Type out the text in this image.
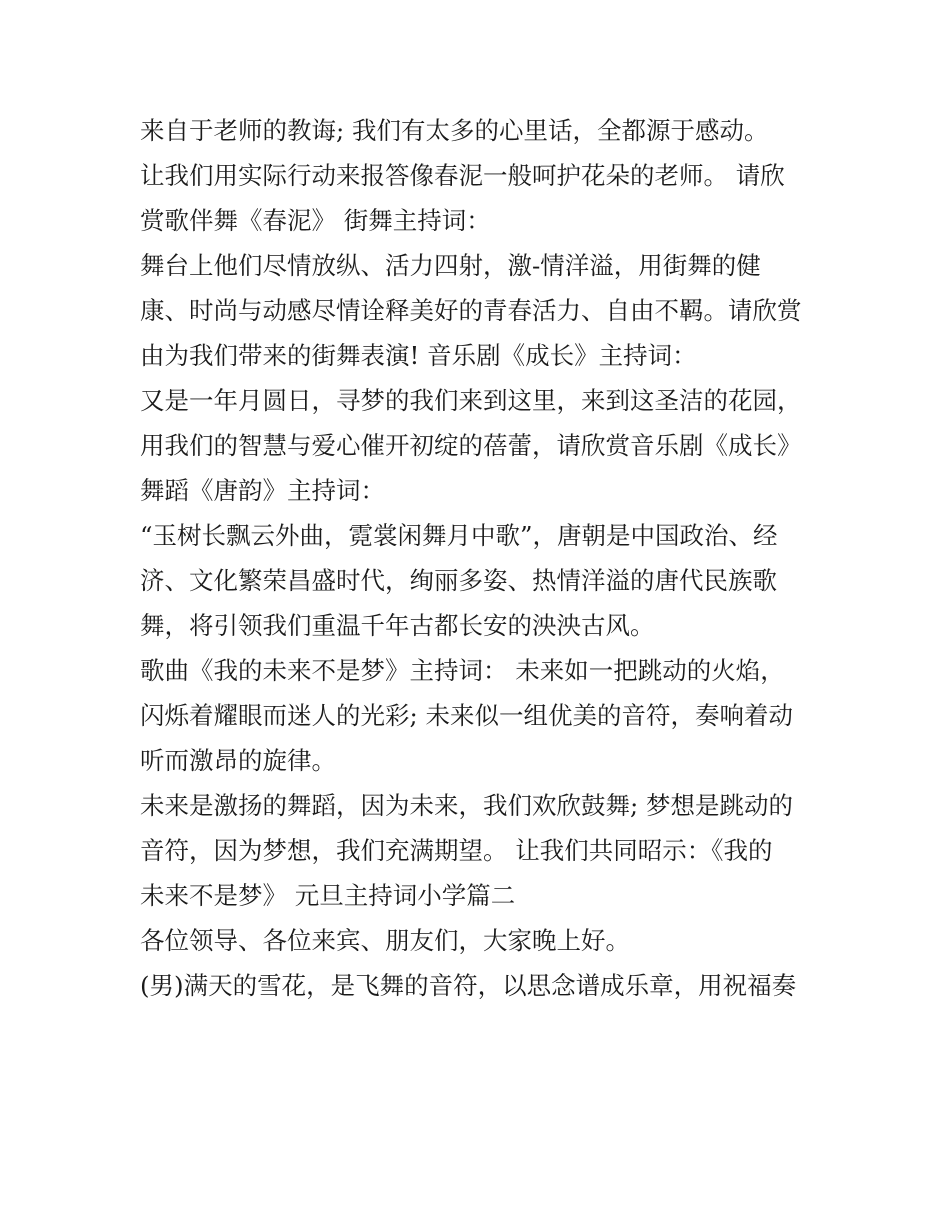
来自于老师的教诲; 我们有太多的心里话，全都源于感动。
让我们用实际行动来报答像春泥一般呵护花朵的老师。 请欣
赏歌伴舞《春泥》 街舞主持词：
舞台上他们尽情放纵、活力四射，激-情洋溢，用街舞的健
康、时尚与动感尽情诠释美好的青春活力、自由不羁。请欣赏
由为我们带来的街舞表演! 音乐剧《成长》主持词：
又是一年月圆日，寻梦的我们来到这里，来到这圣洁的花园，
用我们的智慧与爱心催开初绽的蓓蕾，请欣赏音乐剧《成长》
舞蹈《唐韵》主持词：
“玉树长飘云外曲，霓裳闲舞月中歌”，唐朝是中国政治、经
济、文化繁荣昌盛时代，绚丽多姿、热情洋溢的唐代民族歌
舞，将引领我们重温千年古都长安的泱泱古风。
歌曲《我的未来不是梦》主持词： 未来如一把跳动的火焰，
闪烁着耀眼而迷人的光彩; 未来似一组优美的音符，奏响着动
听而激昂的旋律。
未来是激扬的舞蹈，因为未来，我们欢欣鼓舞; 梦想是跳动的
音符，因为梦想，我们充满期望。 让我们共同昭示：《我的
未来不是梦》 元旦主持词小学篇二
各位领导、各位来宾、朋友们，大家晚上好。
(男)满天的雪花，是飞舞的音符，以思念谱成乐章，用祝福奏
